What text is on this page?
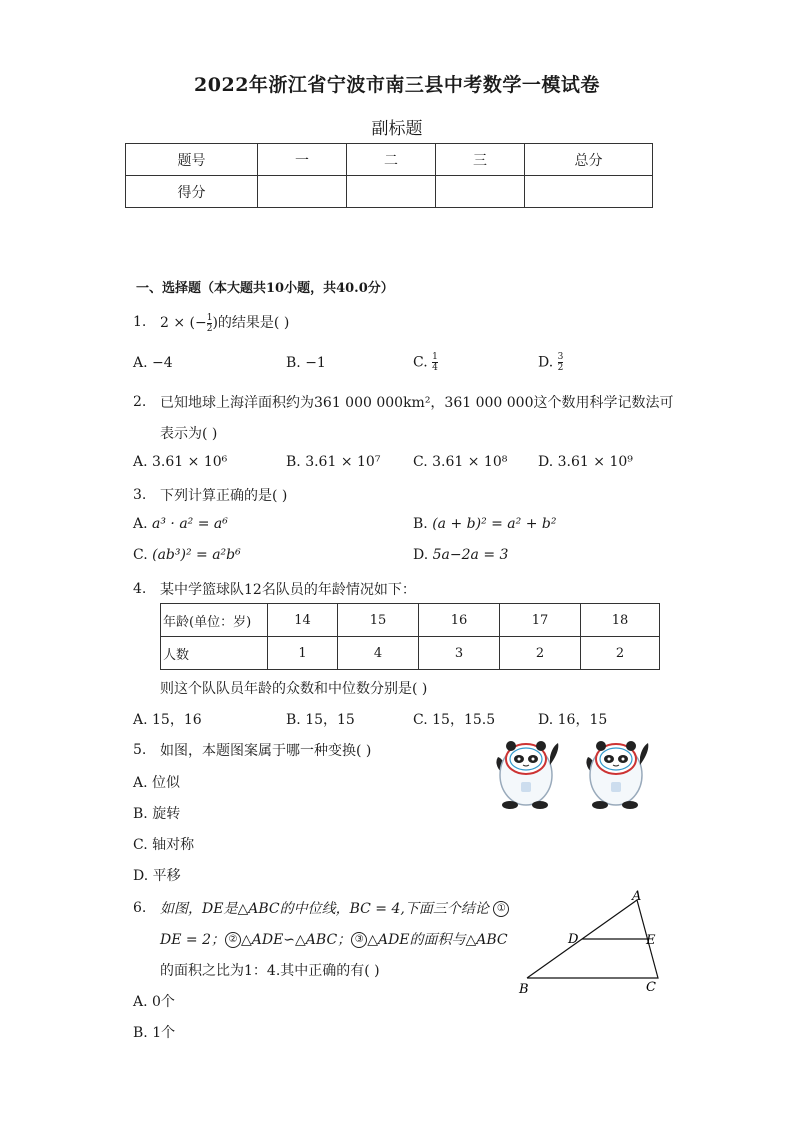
2022年浙江省宁波市南三县中考数学一模试卷
副标题
题号	一	二	三	总分
得分				
一、选择题（本大题共10小题，共40.0分）
1. 2 × (− $\frac{1}{2}$ )的结果是( )
A. −4	B. −1	C. $\frac{1}{4}$	D. $\frac{3}{2}$
2. 已知地球上海洋面积约为361 000 000km²，361 000 000这个数用科学记数法可
表示为( )
A. 3.61 × 10⁶	B. 3.61 × 10⁷ C. 3.61 × 10⁸ D. 3.61 × 10⁹
3. 下列计算正确的是( )
A. a³ · a² = a⁶	B. (a + b)² = a² + b²
C. (ab³)² = a²b⁶	D. 5a−2a = 3
4. 某中学篮球队12名队员的年龄情况如下：
年龄(单位：岁)	14	15	16	17	18
人数	1	4	3	2	2
则这个队队员年龄的众数和中位数分别是( )
A. 15，16	B. 15，15	C. 15，15.5	D. 16，15
5. 如图，本题图案属于哪一种变换( )
A. 位似
B. 旋转
C. 轴对称
D. 平移
6. 如图，DE是△ABC的中位线，BC = 4,下面三个结论 ①
DE = 2； ② △ADE∽△ABC； ③ △ADE的面积与△ABC
的面积之比为1：4.其中正确的有( )
A. 0个
B. 1个
A
B	C
D	E
